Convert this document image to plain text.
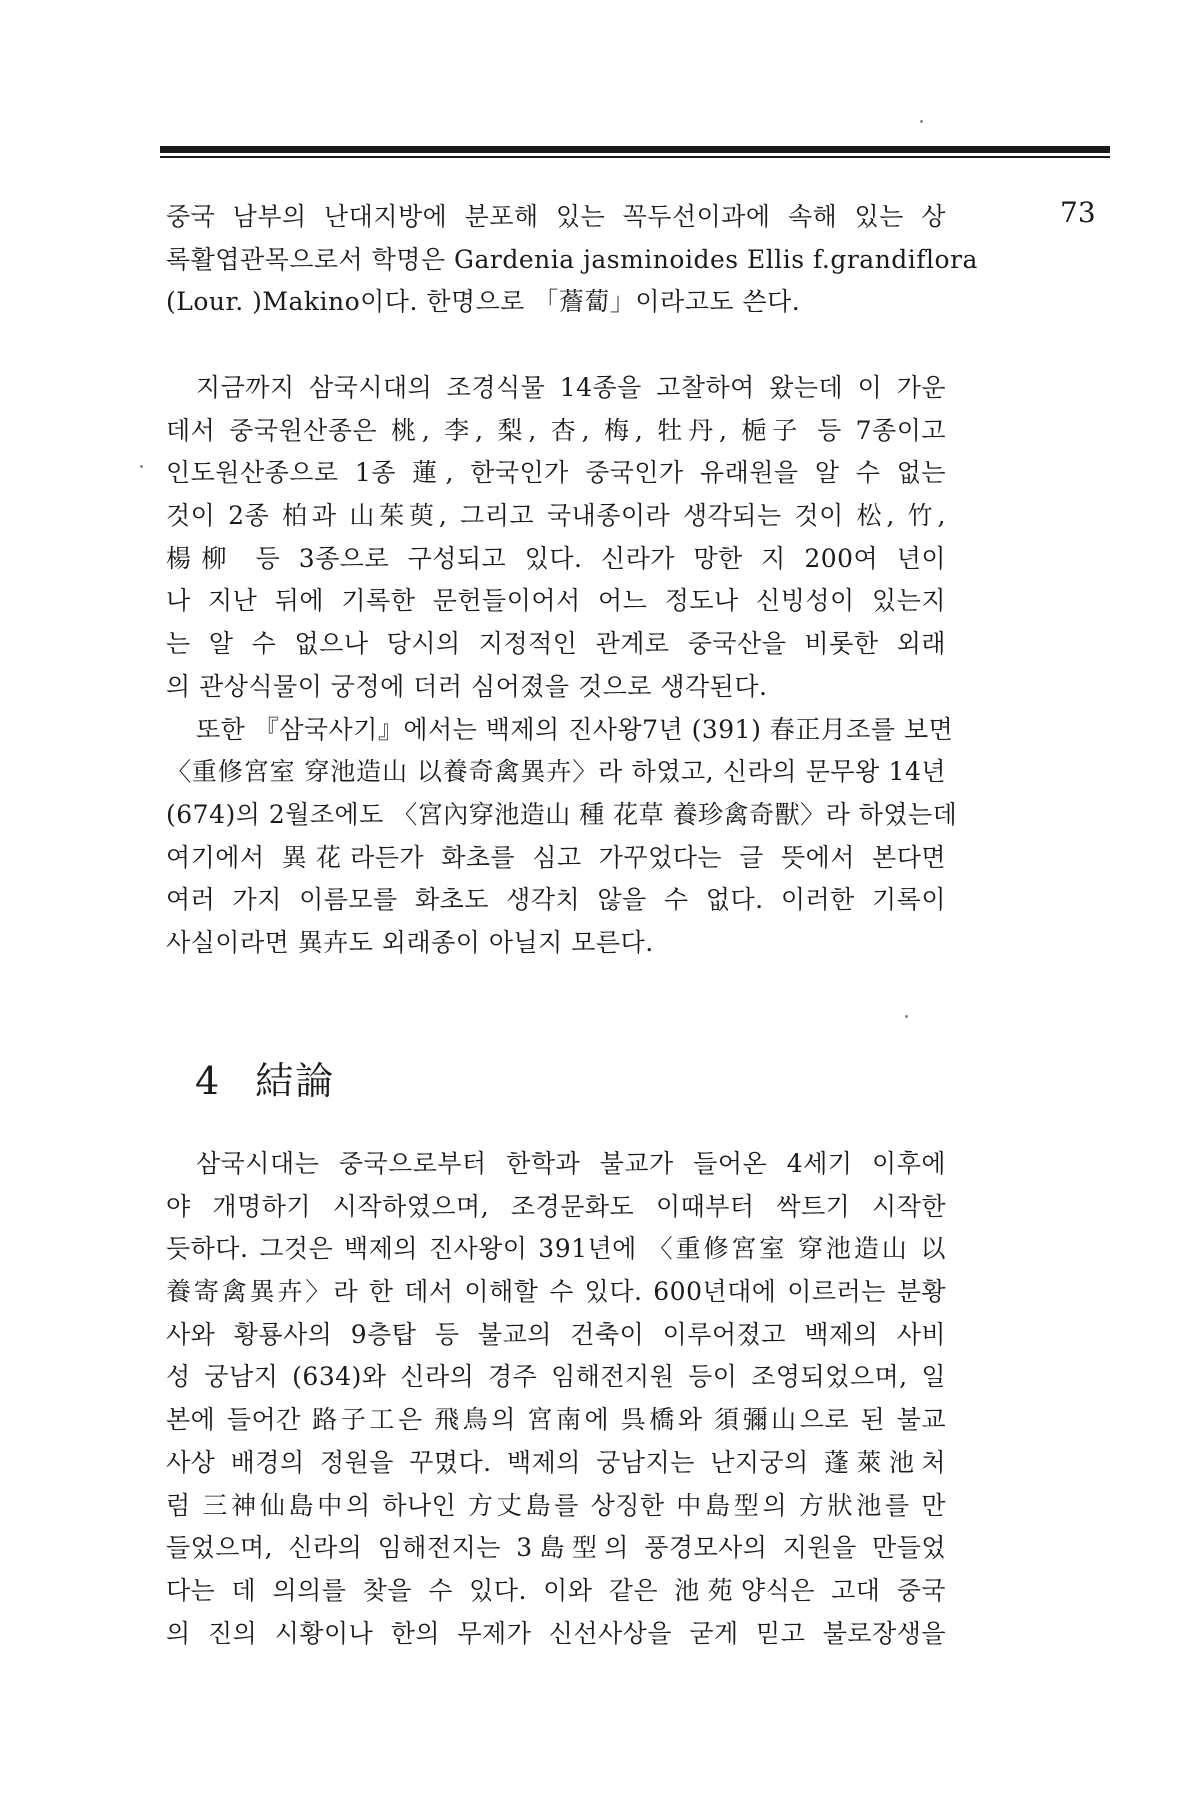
73
중국 남부의 난대지방에 분포해 있는 꼭두선이과에 속해 있는 상
록활엽관목으로서 학명은 Gardenia jasminoides Ellis f.grandiflora
(Lour. )Makino이다. 한명으로 「薝蔔」이라고도 쓴다.
지금까지 삼국시대의 조경식물 14종을 고찰하여 왔는데 이 가운
데서 중국원산종은 桃, 李, 梨, 杏, 梅, 牡丹, 梔子 등 7종이고
인도원산종으로 1종 蓮, 한국인가 중국인가 유래원을 알 수 없는
것이 2종 柏과 山茱萸, 그리고 국내종이라 생각되는 것이 松, 竹,
楊柳 등 3종으로 구성되고 있다. 신라가 망한 지 200여 년이
나 지난 뒤에 기록한 문헌들이어서 어느 정도나 신빙성이 있는지
는 알 수 없으나 당시의 지정적인 관계로 중국산을 비롯한 외래
의 관상식물이 궁정에 더러 심어졌을 것으로 생각된다.
또한 『삼국사기』에서는 백제의 진사왕7년 (391) 春正月조를 보면
〈重修宮室 穿池造山 以養奇禽異卉〉라 하였고, 신라의 문무왕 14년
(674)의 2월조에도 〈宮內穿池造山 種 花草 養珍禽奇獸〉라 하였는데
여기에서 異花라든가 화초를 심고 가꾸었다는 글 뜻에서 본다면
여러 가지 이름모를 화초도 생각치 않을 수 없다. 이러한 기록이
사실이라면 異卉도 외래종이 아닐지 모른다.
4 結論
삼국시대는 중국으로부터 한학과 불교가 들어온 4세기 이후에
야 개명하기 시작하였으며, 조경문화도 이때부터 싹트기 시작한
듯하다. 그것은 백제의 진사왕이 391년에 〈重修宮室 穿池造山 以
養寄禽異卉〉라 한 데서 이해할 수 있다. 600년대에 이르러는 분황
사와 황룡사의 9층탑 등 불교의 건축이 이루어졌고 백제의 사비
성 궁남지 (634)와 신라의 경주 임해전지원 등이 조영되었으며, 일
본에 들어간 路子工은 飛鳥의 宮南에 呉橋와 須彌山으로 된 불교
사상 배경의 정원을 꾸몄다. 백제의 궁남지는 난지궁의 蓬萊池처
럼 三神仙島中의 하나인 方丈島를 상징한 中島型의 方狀池를 만
들었으며, 신라의 임해전지는 3島型의 풍경모사의 지원을 만들었
다는 데 의의를 찾을 수 있다. 이와 같은 池苑양식은 고대 중국
의 진의 시황이나 한의 무제가 신선사상을 굳게 믿고 불로장생을
